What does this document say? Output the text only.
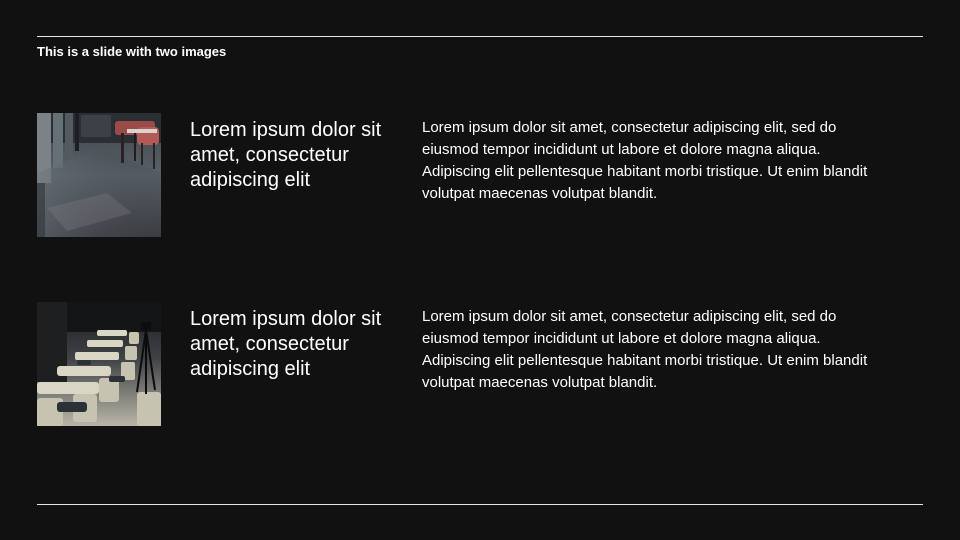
This is a slide with two images
Lorem ipsum dolor sit amet, consectetur adipiscing elit
Lorem ipsum dolor sit amet, consectetur adipiscing elit, sed do eiusmod tempor incididunt ut labore et dolore magna aliqua. Adipiscing elit pellentesque habitant morbi tristique. Ut enim blandit volutpat maecenas volutpat blandit.
Lorem ipsum dolor sit amet, consectetur adipiscing elit
Lorem ipsum dolor sit amet, consectetur adipiscing elit, sed do eiusmod tempor incididunt ut labore et dolore magna aliqua. Adipiscing elit pellentesque habitant morbi tristique. Ut enim blandit volutpat maecenas volutpat blandit.
